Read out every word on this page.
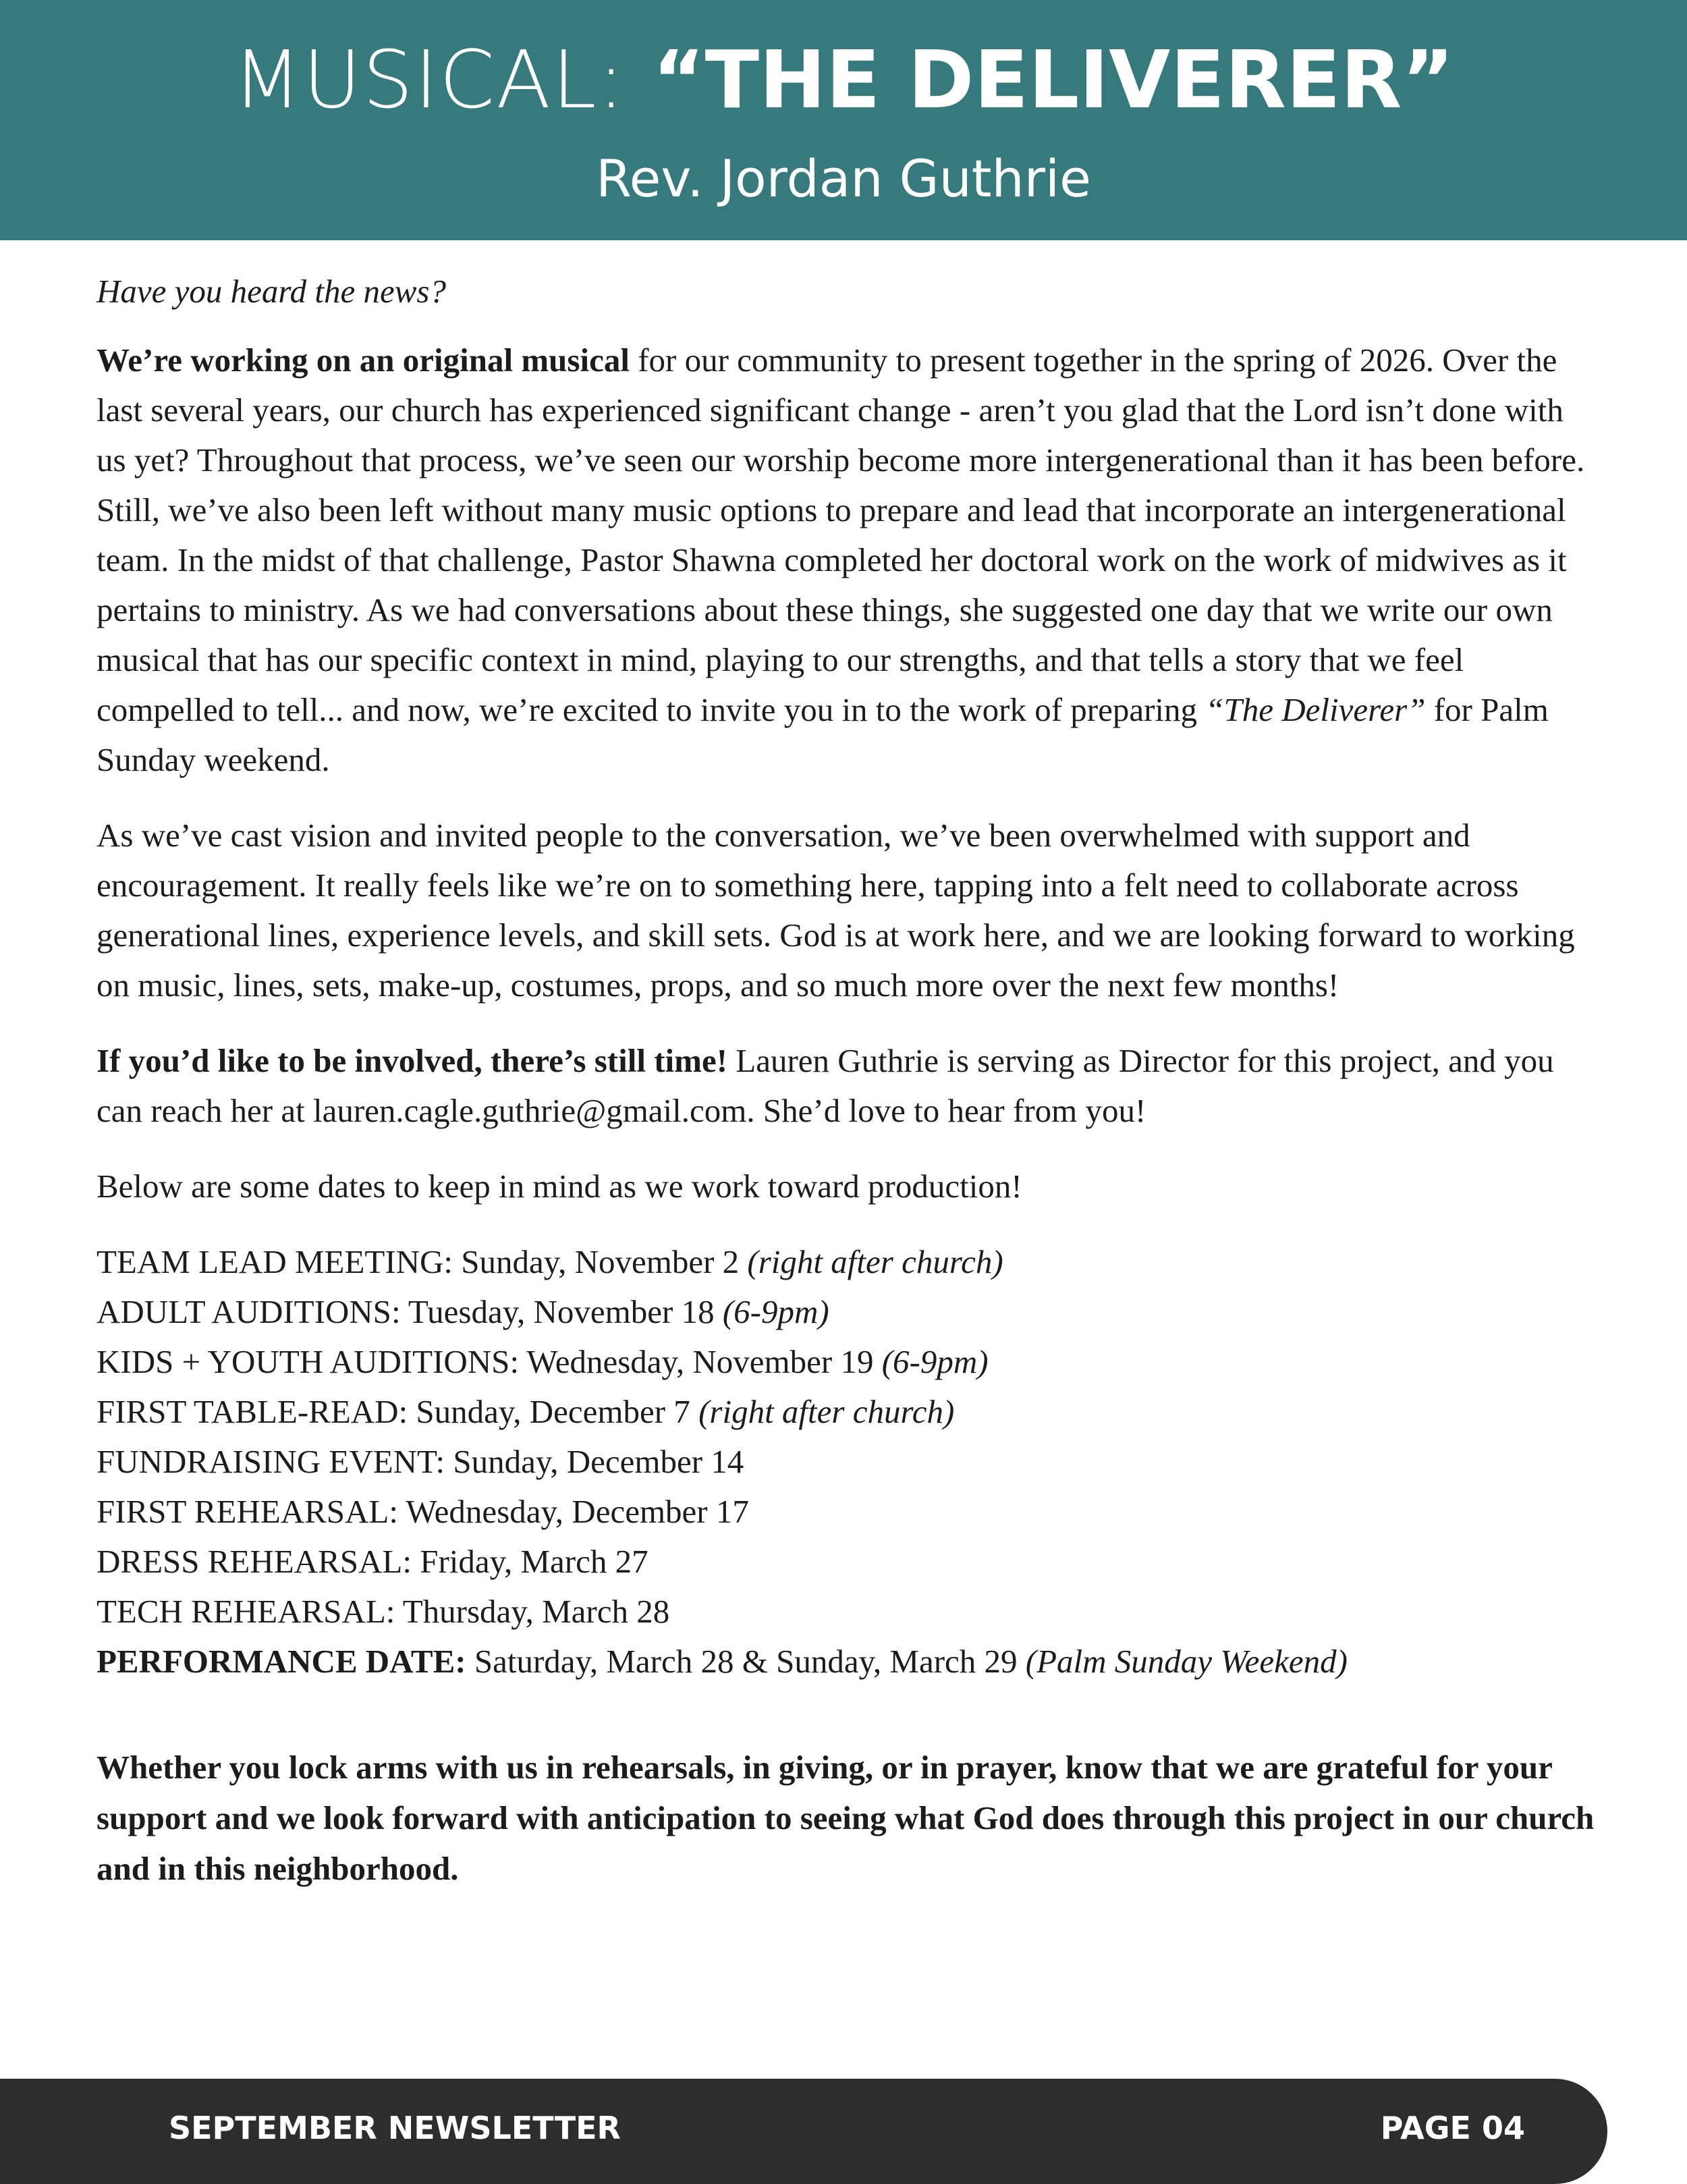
MUSICAL: “THE DELIVERER”
Rev. Jordan Guthrie

Have you heard the news?

We’re working on an original musical for our community to present together in the spring of 2026. Over the last several years, our church has experienced significant change - aren’t you glad that the Lord isn’t done with us yet? Throughout that process, we’ve seen our worship become more intergenerational than it has been before. Still, we’ve also been left without many music options to prepare and lead that incorporate an intergenerational team. In the midst of that challenge, Pastor Shawna completed her doctoral work on the work of midwives as it pertains to ministry. As we had conversations about these things, she suggested one day that we write our own musical that has our specific context in mind, playing to our strengths, and that tells a story that we feel compelled to tell... and now, we’re excited to invite you in to the work of preparing “The Deliverer” for Palm Sunday weekend.

As we’ve cast vision and invited people to the conversation, we’ve been overwhelmed with support and encouragement. It really feels like we’re on to something here, tapping into a felt need to collaborate across generational lines, experience levels, and skill sets. God is at work here, and we are looking forward to working on music, lines, sets, make-up, costumes, props, and so much more over the next few months!

If you’d like to be involved, there’s still time! Lauren Guthrie is serving as Director for this project, and you can reach her at lauren.cagle.guthrie@gmail.com. She’d love to hear from you!

Below are some dates to keep in mind as we work toward production!

TEAM LEAD MEETING: Sunday, November 2 (right after church)
ADULT AUDITIONS: Tuesday, November 18 (6-9pm)
KIDS + YOUTH AUDITIONS: Wednesday, November 19 (6-9pm)
FIRST TABLE-READ: Sunday, December 7 (right after church)
FUNDRAISING EVENT: Sunday, December 14
FIRST REHEARSAL: Wednesday, December 17
DRESS REHEARSAL: Friday, March 27
TECH REHEARSAL: Thursday, March 28
PERFORMANCE DATE: Saturday, March 28 & Sunday, March 29 (Palm Sunday Weekend)

Whether you lock arms with us in rehearsals, in giving, or in prayer, know that we are grateful for your support and we look forward with anticipation to seeing what God does through this project in our church and in this neighborhood.

SEPTEMBER NEWSLETTER	PAGE 04
